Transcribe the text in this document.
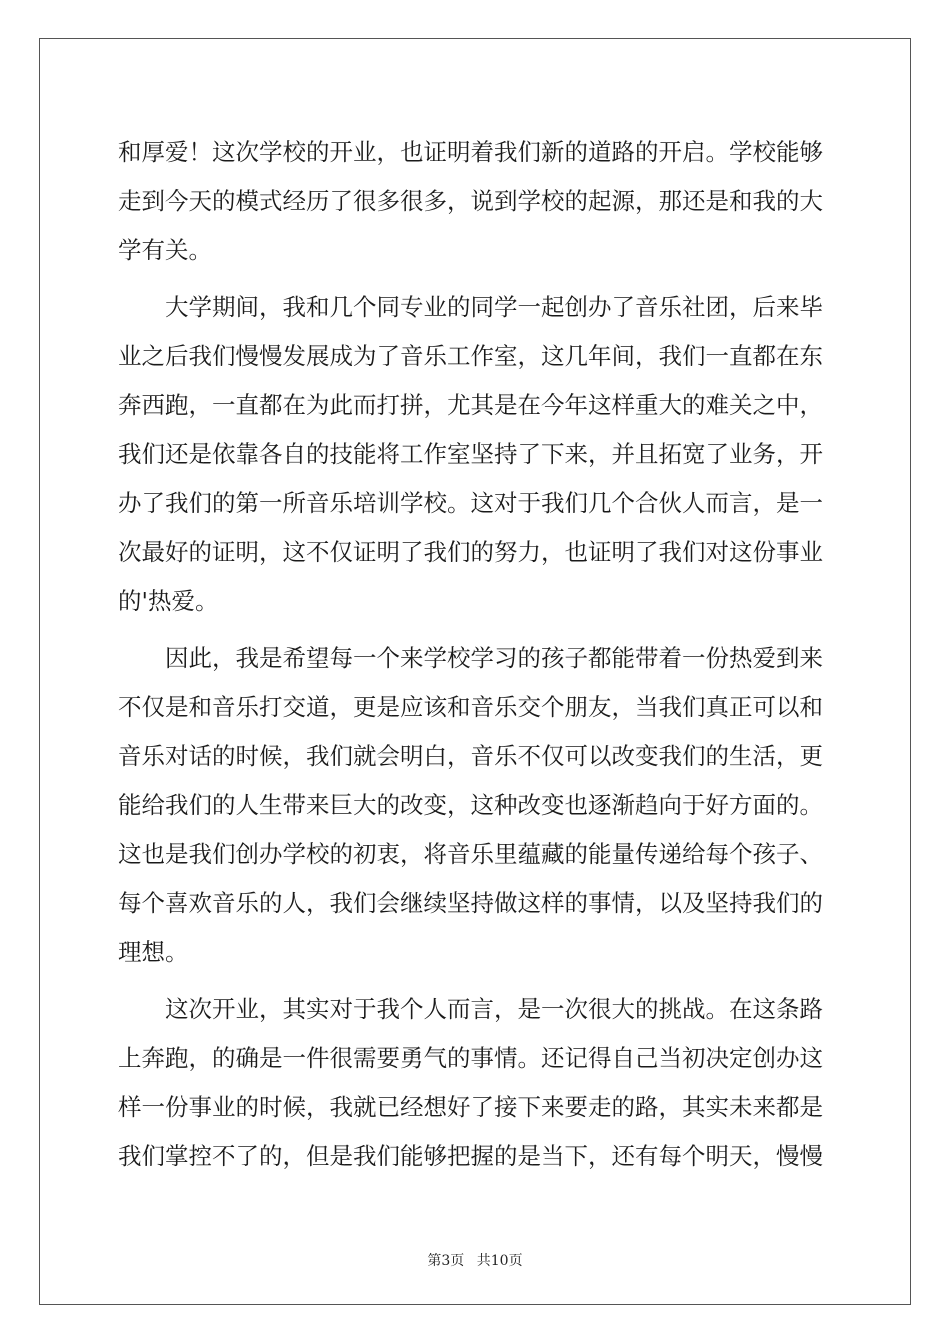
和厚爱！这次学校的开业，也证明着我们新的道路的开启。学校能够
走到今天的模式经历了很多很多，说到学校的起源，那还是和我的大
学有关。
　　大学期间，我和几个同专业的同学一起创办了音乐社团，后来毕
业之后我们慢慢发展成为了音乐工作室，这几年间，我们一直都在东
奔西跑，一直都在为此而打拼，尤其是在今年这样重大的难关之中，
我们还是依靠各自的技能将工作室坚持了下来，并且拓宽了业务，开
办了我们的第一所音乐培训学校。这对于我们几个合伙人而言，是一
次最好的证明，这不仅证明了我们的努力，也证明了我们对这份事业
的'热爱。
　　因此，我是希望每一个来学校学习的孩子都能带着一份热爱到来
不仅是和音乐打交道，更是应该和音乐交个朋友，当我们真正可以和
音乐对话的时候，我们就会明白，音乐不仅可以改变我们的生活，更
能给我们的人生带来巨大的改变，这种改变也逐渐趋向于好方面的。
这也是我们创办学校的初衷，将音乐里蕴藏的能量传递给每个孩子、
每个喜欢音乐的人，我们会继续坚持做这样的事情，以及坚持我们的
理想。
　　这次开业，其实对于我个人而言，是一次很大的挑战。在这条路
上奔跑，的确是一件很需要勇气的事情。还记得自己当初决定创办这
样一份事业的时候，我就已经想好了接下来要走的路，其实未来都是
我们掌控不了的，但是我们能够把握的是当下，还有每个明天，慢慢
第3页 共10页
